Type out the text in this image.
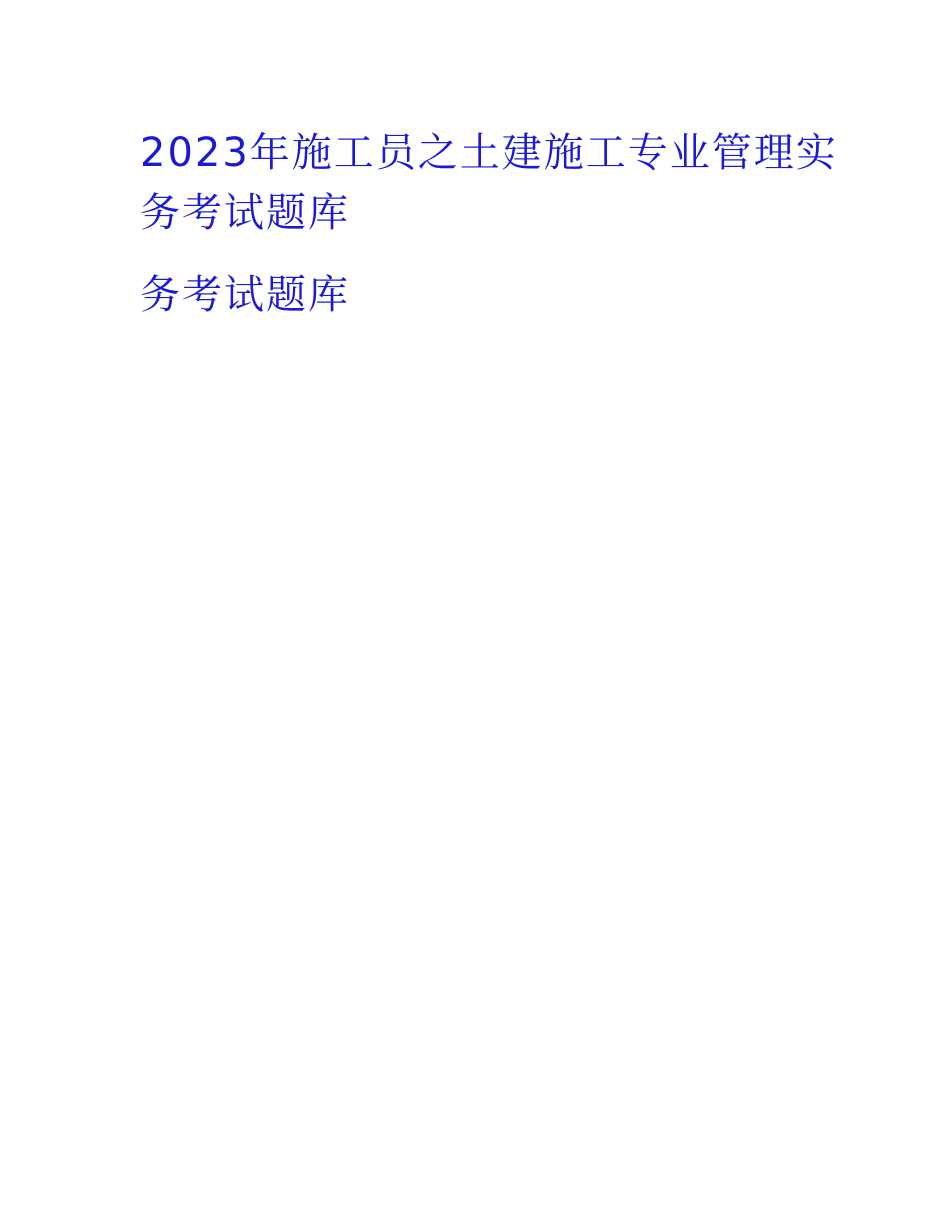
2023年施工员之土建施工专业管理实
务考试题库
务考试题库
